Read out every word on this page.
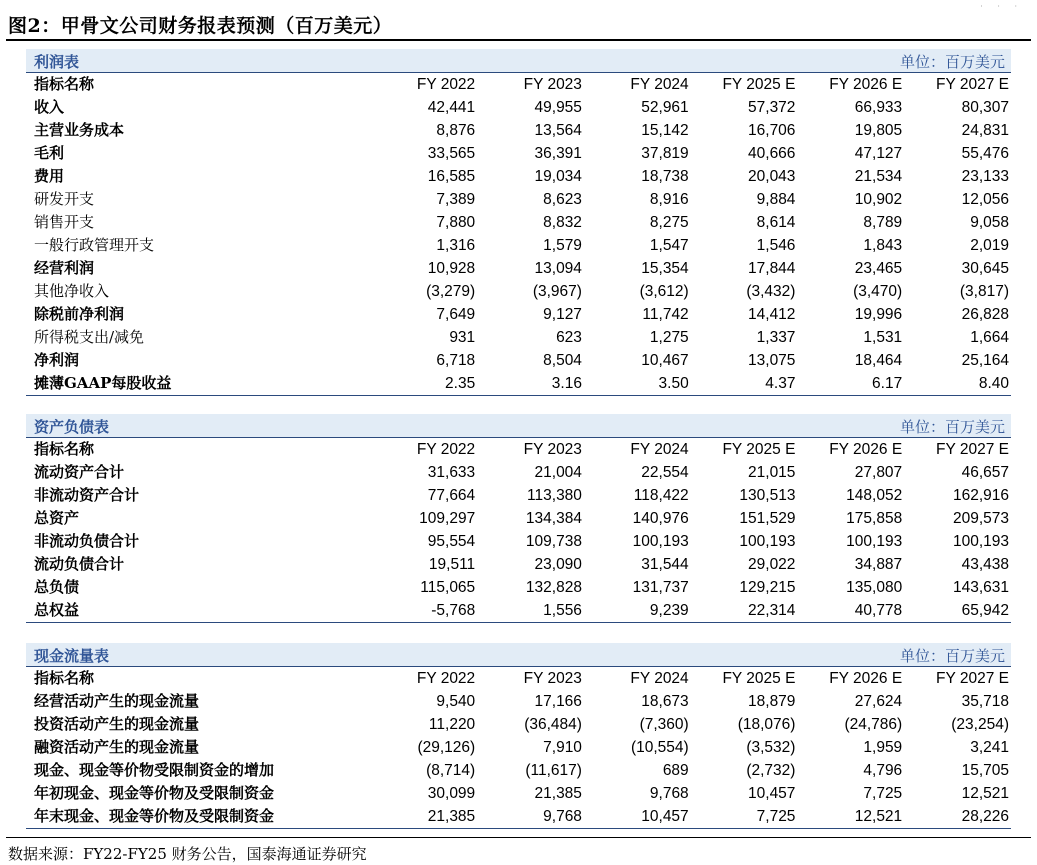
· · ·
图2：甲骨文公司财务报表预测（百万美元）
利润表	单位：百万美元
指标名称	FY 2022	FY 2023	FY 2024	FY 2025 E	FY 2026 E	FY 2027 E
收入	42,441	49,955	52,961	57,372	66,933	80,307
主营业务成本	8,876	13,564	15,142	16,706	19,805	24,831
毛利	33,565	36,391	37,819	40,666	47,127	55,476
费用	16,585	19,034	18,738	20,043	21,534	23,133
研发开支	7,389	8,623	8,916	9,884	10,902	12,056
销售开支	7,880	8,832	8,275	8,614	8,789	9,058
一般行政管理开支	1,316	1,579	1,547	1,546	1,843	2,019
经营利润	10,928	13,094	15,354	17,844	23,465	30,645
其他净收入	(3,279)	(3,967)	(3,612)	(3,432)	(3,470)	(3,817)
除税前净利润	7,649	9,127	11,742	14,412	19,996	26,828
所得税支出/减免	931	623	1,275	1,337	1,531	1,664
净利润	6,718	8,504	10,467	13,075	18,464	25,164
摊薄GAAP每股收益	2.35	3.16	3.50	4.37	6.17	8.40
资产负债表	单位：百万美元
指标名称	FY 2022	FY 2023	FY 2024	FY 2025 E	FY 2026 E	FY 2027 E
流动资产合计	31,633	21,004	22,554	21,015	27,807	46,657
非流动资产合计	77,664	113,380	118,422	130,513	148,052	162,916
总资产	109,297	134,384	140,976	151,529	175,858	209,573
非流动负债合计	95,554	109,738	100,193	100,193	100,193	100,193
流动负债合计	19,511	23,090	31,544	29,022	34,887	43,438
总负债	115,065	132,828	131,737	129,215	135,080	143,631
总权益	-5,768	1,556	9,239	22,314	40,778	65,942
现金流量表	单位：百万美元
指标名称	FY 2022	FY 2023	FY 2024	FY 2025 E	FY 2026 E	FY 2027 E
经营活动产生的现金流量	9,540	17,166	18,673	18,879	27,624	35,718
投资活动产生的现金流量	11,220	(36,484)	(7,360)	(18,076)	(24,786)	(23,254)
融资活动产生的现金流量	(29,126)	7,910	(10,554)	(3,532)	1,959	3,241
现金、现金等价物受限制资金的增加	(8,714)	(11,617)	689	(2,732)	4,796	15,705
年初现金、现金等价物及受限制资金	30,099	21,385	9,768	10,457	7,725	12,521
年末现金、现金等价物及受限制资金	21,385	9,768	10,457	7,725	12,521	28,226
数据来源：FY22-FY25 财务公告，国泰海通证券研究
